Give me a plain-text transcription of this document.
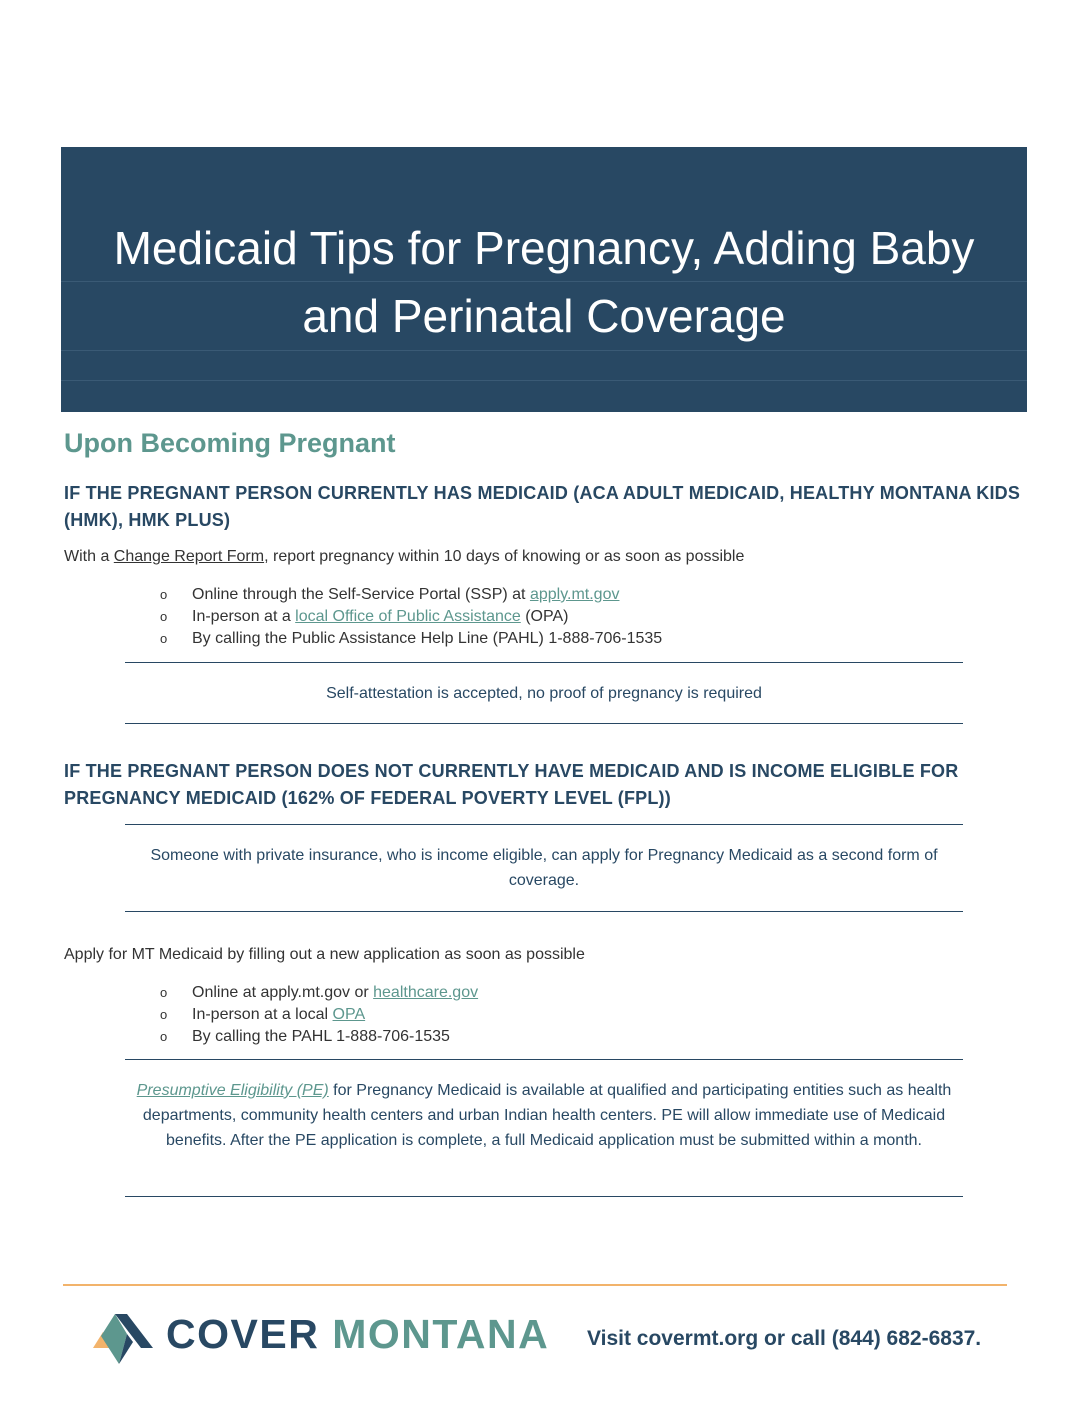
Medicaid Tips for Pregnancy, Adding Baby
and Perinatal Coverage
Upon Becoming Pregnant
IF THE PREGNANT PERSON CURRENTLY HAS MEDICAID (ACA ADULT MEDICAID, HEALTHY MONTANA KIDS (HMK), HMK PLUS)
With a Change Report Form, report pregnancy within 10 days of knowing or as soon as possible
o Online through the Self-Service Portal (SSP) at apply.mt.gov
o In-person at a local Office of Public Assistance (OPA)
o By calling the Public Assistance Help Line (PAHL) 1-888-706-1535
Self-attestation is accepted, no proof of pregnancy is required
IF THE PREGNANT PERSON DOES NOT CURRENTLY HAVE MEDICAID AND IS INCOME ELIGIBLE FOR PREGNANCY MEDICAID (162% OF FEDERAL POVERTY LEVEL (FPL))
Someone with private insurance, who is income eligible, can apply for Pregnancy Medicaid as a second form of coverage.
Apply for MT Medicaid by filling out a new application as soon as possible
o Online at apply.mt.gov or healthcare.gov
o In-person at a local OPA
o By calling the PAHL 1-888-706-1535
Presumptive Eligibility (PE) for Pregnancy Medicaid is available at qualified and participating entities such as health departments, community health centers and urban Indian health centers. PE will allow immediate use of Medicaid benefits. After the PE application is complete, a full Medicaid application must be submitted within a month.
COVER MONTANA Visit covermt.org or call (844) 682-6837.
